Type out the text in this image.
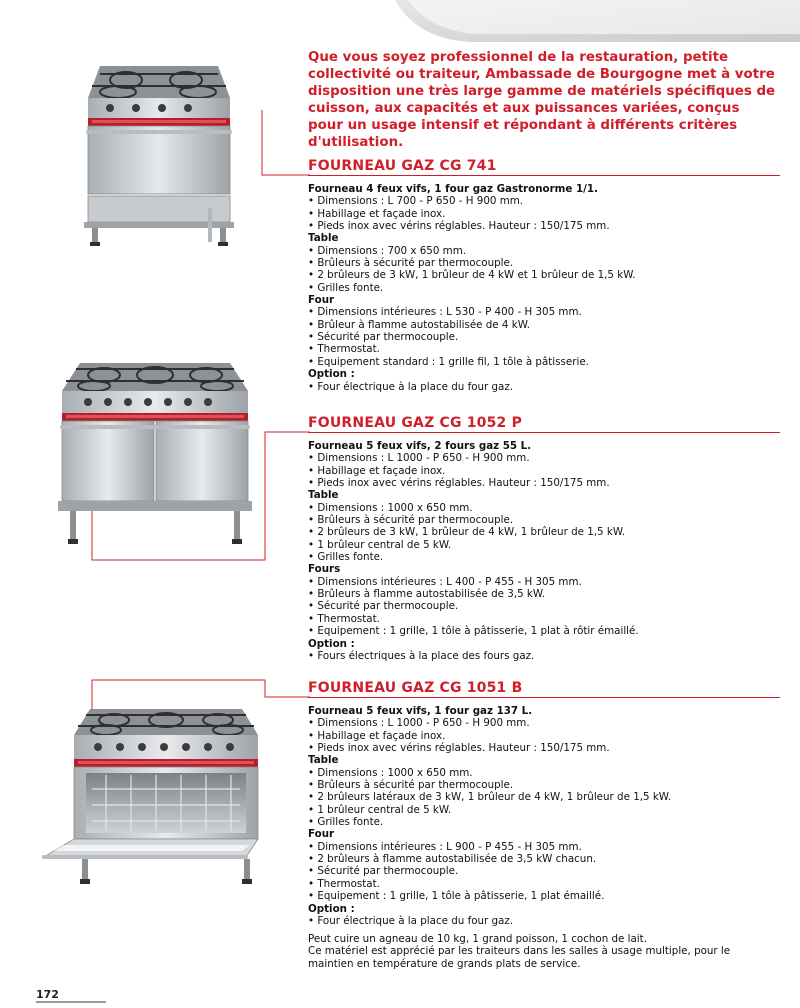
Que vous soyez professionnel de la restauration, petite collectivité ou traiteur, Ambassade de Bourgogne met à votre disposition une très large gamme de matériels spécifiques de cuisson, aux capacités et aux puissances variées, conçus pour un usage intensif et répondant à différents critères d'utilisation.
FOURNEAU GAZ CG 741
Fourneau 4 feux vifs, 1 four gaz Gastronorme 1/1.
• Dimensions : L 700 - P 650 - H 900 mm.
• Habillage et façade inox.
• Pieds inox avec vérins réglables. Hauteur : 150/175 mm.
Table
• Dimensions : 700 x 650 mm.
• Brûleurs à sécurité par thermocouple.
• 2 brûleurs de 3 kW, 1 brûleur de 4 kW et 1 brûleur de 1,5 kW.
• Grilles fonte.
Four
• Dimensions intérieures : L 530 - P 400 - H 305 mm.
• Brûleur à flamme autostabilisée de 4 kW.
• Sécurité par thermocouple.
• Thermostat.
• Equipement standard : 1 grille fil, 1 tôle à pâtisserie.
Option :
• Four électrique à la place du four gaz.
FOURNEAU GAZ CG 1052 P
Fourneau 5 feux vifs, 2 fours gaz 55 L.
• Dimensions : L 1000 - P 650 - H 900 mm.
• Habillage et façade inox.
• Pieds inox avec vérins réglables. Hauteur : 150/175 mm.
Table
• Dimensions : 1000 x 650 mm.
• Brûleurs à sécurité par thermocouple.
• 2 brûleurs de 3 kW, 1 brûleur de 4 kW, 1 brûleur de 1,5 kW.
• 1 brûleur central de 5 kW.
• Grilles fonte.
Fours
• Dimensions intérieures : L 400 - P 455 - H 305 mm.
• Brûleurs à flamme autostabilisée de 3,5 kW.
• Sécurité par thermocouple.
• Thermostat.
• Equipement : 1 grille, 1 tôle à pâtisserie, 1 plat à rôtir émaillé.
Option :
• Fours électriques à la place des fours gaz.
FOURNEAU GAZ CG 1051 B
Fourneau 5 feux vifs, 1 four gaz 137 L.
• Dimensions : L 1000 - P 650 - H 900 mm.
• Habillage et façade inox.
• Pieds inox avec vérins réglables. Hauteur : 150/175 mm.
Table
• Dimensions : 1000 x 650 mm.
• Brûleurs à sécurité par thermocouple.
• 2 brûleurs latéraux de 3 kW, 1 brûleur de 4 kW, 1 brûleur de 1,5 kW.
• 1 brûleur central de 5 kW.
• Grilles fonte.
Four
• Dimensions intérieures : L 900 - P 455 - H 305 mm.
• 2 brûleurs à flamme autostabilisée de 3,5 kW chacun.
• Sécurité par thermocouple.
• Thermostat.
• Equipement : 1 grille, 1 tôle à pâtisserie, 1 plat émaillé.
Option :
• Four électrique à la place du four gaz.
Peut cuire un agneau de 10 kg, 1 grand poisson, 1 cochon de lait.
Ce matériel est apprécié par les traiteurs dans les salles à usage multiple, pour le
maintien en température de grands plats de service.
172
